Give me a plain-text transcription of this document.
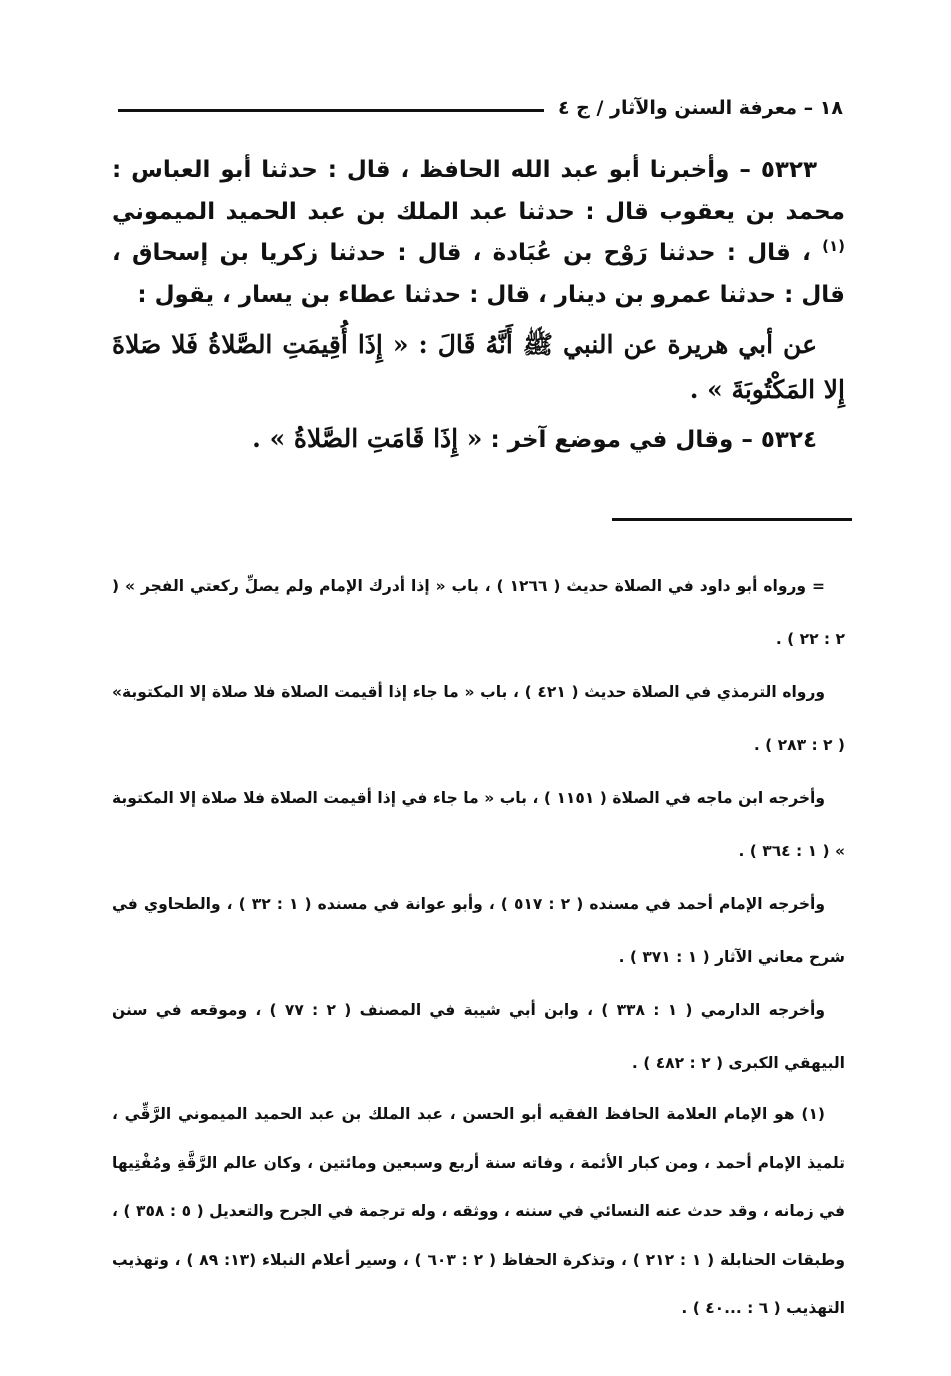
١٨ – معرفة السنن والآثار / ج ٤

٥٣٢٣ – وأخبرنا أبو عبد الله الحافظ ، قال : حدثنا أبو العباس : محمد بن يعقوب قال : حدثنا عبد الملك بن عبد الحميد الميموني $^{(١)}$ ، قال : حدثنا رَوْح بن عُبَادة ، قال : حدثنا زكريا بن إسحاق ، قال : حدثنا عمرو بن دينار ، قال : حدثنا عطاء بن يسار ، يقول :

عن أبي هريرة عن النبي ﷺ أَنَّهُ قَالَ : « إِذَا أُقِيمَتِ الصَّلاةُ فَلا صَلاةَ إِلا المَكْتُوبَةَ » .

٥٣٢٤ – وقال في موضع آخر : « إِذَا قَامَتِ الصَّلاةُ » .

= ورواه أبو داود في الصلاة حديث ( ١٢٦٦ ) ، باب « إذا أدرك الإمام ولم يصلِّ ركعتي الفجر » ( ٢ : ٢٢ ) .

ورواه الترمذي في الصلاة حديث ( ٤٢١ ) ، باب « ما جاء إذا أقيمت الصلاة فلا صلاة إلا المكتوبة» ( ٢ : ٢٨٣ ) .

وأخرجه ابن ماجه في الصلاة ( ١١٥١ ) ، باب « ما جاء في إذا أقيمت الصلاة فلا صلاة إلا المكتوبة » ( ١ : ٣٦٤ ) .

وأخرجه الإمام أحمد في مسنده ( ٢ : ٥١٧ ) ، وأبو عوانة في مسنده ( ١ : ٣٢ ) ، والطحاوي في شرح معاني الآثار ( ١ : ٣٧١ ) .

وأخرجه الدارمي ( ١ : ٣٣٨ ) ، وابن أبي شيبة في المصنف ( ٢ : ٧٧ ) ، وموقعه في سنن البيهقي الكبرى ( ٢ : ٤٨٢ ) .

(١) هو الإمام العلامة الحافظ الفقيه أبو الحسن ، عبد الملك بن عبد الحميد الميموني الرَّقِّي ، تلميذ الإمام أحمد ، ومن كبار الأئمة ، وفاته سنة أربع وسبعين ومائتين ، وكان عالم الرَّقَّةِ ومُفْتِيها في زمانه ، وقد حدث عنه النسائي في سننه ، ووثقه ، وله ترجمة في الجرح والتعديل ( ٥ : ٣٥٨ ) ، وطبقات الحنابلة ( ١ : ٢١٢ ) ، وتذكرة الحفاظ ( ٢ : ٦٠٣ ) ، وسير أعلام النبلاء (١٣: ٨٩ ) ، وتهذيب التهذيب ( ٦ : ...٤٠ ) .
